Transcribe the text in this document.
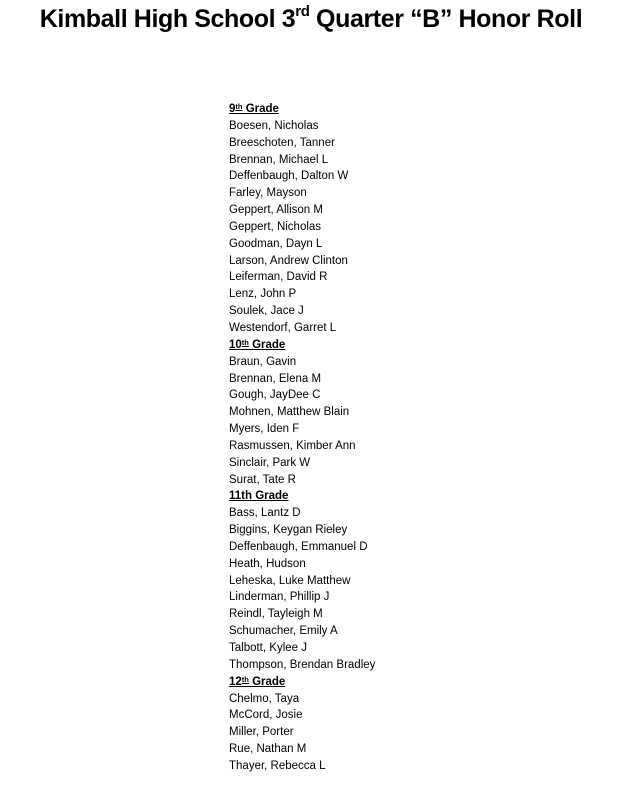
Kimball High School 3rd Quarter “B” Honor Roll
9th Grade
Boesen, Nicholas
Breeschoten, Tanner
Brennan, Michael L
Deffenbaugh, Dalton W
Farley, Mayson
Geppert, Allison M
Geppert, Nicholas
Goodman, Dayn L
Larson, Andrew Clinton
Leiferman, David R
Lenz, John P
Soulek, Jace J
Westendorf, Garret L
10th Grade
Braun, Gavin
Brennan, Elena M
Gough, JayDee C
Mohnen, Matthew Blain
Myers, Iden F
Rasmussen, Kimber Ann
Sinclair, Park W
Surat, Tate R
11th Grade
Bass, Lantz D
Biggins, Keygan Rieley
Deffenbaugh, Emmanuel D
Heath, Hudson
Leheska, Luke Matthew
Linderman, Phillip J
Reindl, Tayleigh M
Schumacher, Emily A
Talbott, Kylee J
Thompson, Brendan Bradley
12th Grade
Chelmo, Taya
McCord, Josie
Miller, Porter
Rue, Nathan M
Thayer, Rebecca L
